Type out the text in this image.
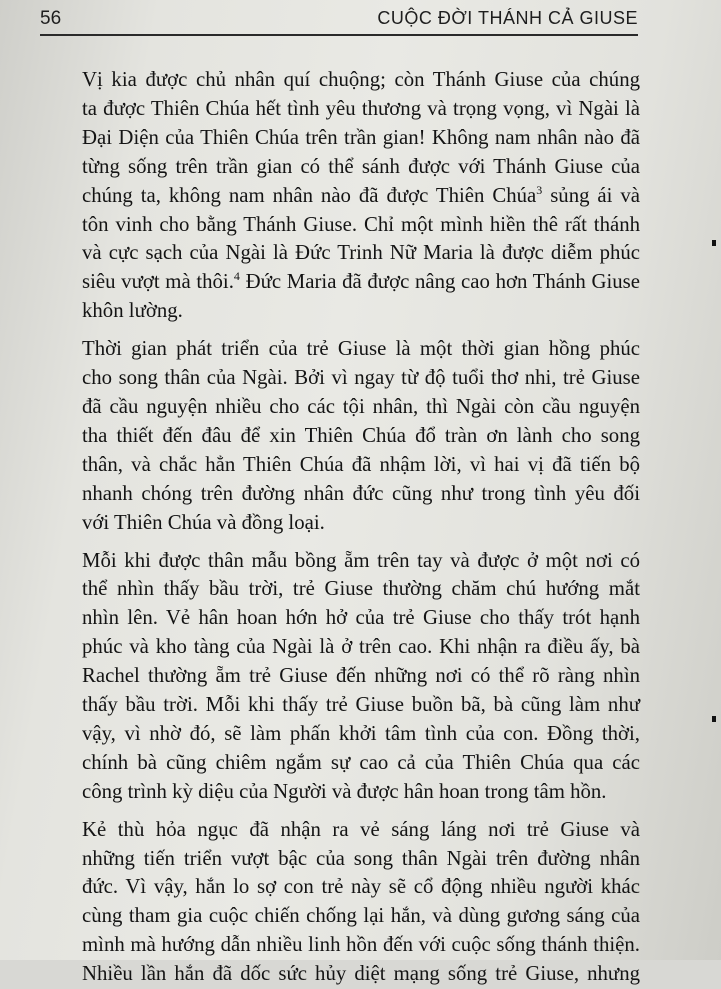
56	CUỘC ĐỜI THÁNH CẢ GIUSE

Vị kia được chủ nhân quí chuộng; còn Thánh Giuse của chúng
ta được Thiên Chúa hết tình yêu thương và trọng vọng, vì Ngài là
Đại Diện của Thiên Chúa trên trần gian! Không nam nhân nào đã
từng sống trên trần gian có thể sánh được với Thánh Giuse của
chúng ta, không nam nhân nào đã được Thiên Chúa$^3$ sủng ái và
tôn vinh cho bằng Thánh Giuse. Chỉ một mình hiền thê rất thánh
và cực sạch của Ngài là Đức Trinh Nữ Maria là được diễm phúc
siêu vượt mà thôi.$^4$ Đức Maria đã được nâng cao hơn Thánh Giuse
khôn lường.

Thời gian phát triển của trẻ Giuse là một thời gian hồng phúc
cho song thân của Ngài. Bởi vì ngay từ độ tuổi thơ nhi, trẻ Giuse
đã cầu nguyện nhiều cho các tội nhân, thì Ngài còn cầu nguyện
tha thiết đến đâu để xin Thiên Chúa đổ tràn ơn lành cho song
thân, và chắc hẳn Thiên Chúa đã nhậm lời, vì hai vị đã tiến bộ
nhanh chóng trên đường nhân đức cũng như trong tình yêu đối
với Thiên Chúa và đồng loại.

Mỗi khi được thân mẫu bồng ẵm trên tay và được ở một nơi có
thể nhìn thấy bầu trời, trẻ Giuse thường chăm chú hướng mắt
nhìn lên. Vẻ hân hoan hớn hở của trẻ Giuse cho thấy trót hạnh
phúc và kho tàng của Ngài là ở trên cao. Khi nhận ra điều ấy, bà
Rachel thường ẵm trẻ Giuse đến những nơi có thể rõ ràng nhìn
thấy bầu trời. Mỗi khi thấy trẻ Giuse buồn bã, bà cũng làm như
vậy, vì nhờ đó, sẽ làm phấn khởi tâm tình của con. Đồng thời,
chính bà cũng chiêm ngắm sự cao cả của Thiên Chúa qua các
công trình kỳ diệu của Người và được hân hoan trong tâm hồn.

Kẻ thù hỏa ngục đã nhận ra vẻ sáng láng nơi trẻ Giuse và
những tiến triển vượt bậc của song thân Ngài trên đường nhân
đức. Vì vậy, hắn lo sợ con trẻ này sẽ cổ động nhiều người khác
cùng tham gia cuộc chiến chống lại hắn, và dùng gương sáng của
mình mà hướng dẫn nhiều linh hồn đến với cuộc sống thánh thiện.
Nhiều lần hắn đã dốc sức hủy diệt mạng sống trẻ Giuse, nhưng
